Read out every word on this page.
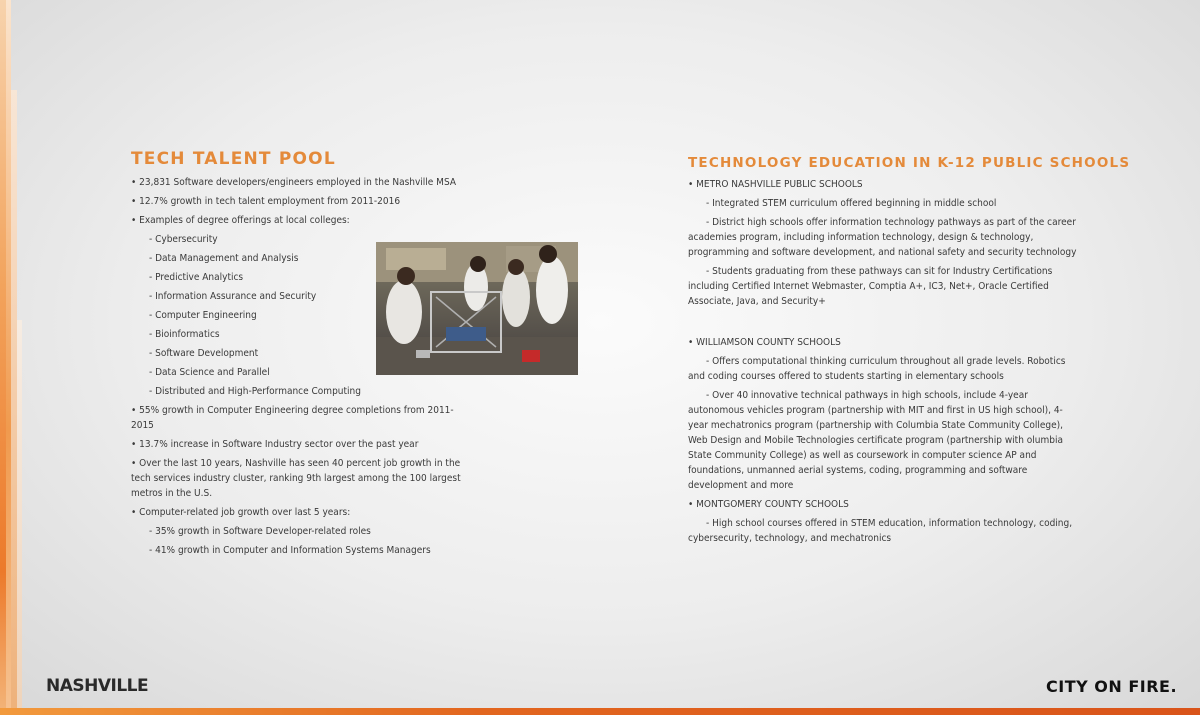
TECH TALENT POOL
• 23,831 Software developers/engineers employed in the Nashville MSA
• 12.7% growth in tech talent employment from 2011-2016
• Examples of degree offerings at local colleges:
- Cybersecurity
- Data Management and Analysis
- Predictive Analytics
- Information Assurance and Security
- Computer Engineering
- Bioinformatics
- Software Development
- Data Science and Parallel
- Distributed and High-Performance Computing
• 55% growth in Computer Engineering degree completions from 2011-2015
• 13.7% increase in Software Industry sector over the past year
• Over the last 10 years, Nashville has seen 40 percent job growth in the tech services industry cluster, ranking 9th largest among the 100 largest metros in the U.S.
• Computer-related job growth over last 5 years:
- 35% growth in Software Developer-related roles
- 41% growth in Computer and Information Systems Managers
TECHNOLOGY EDUCATION IN K-12 PUBLIC SCHOOLS
• METRO NASHVILLE PUBLIC SCHOOLS

- Integrated STEM curriculum offered beginning in middle school

- District high schools offer information technology pathways as part of the career academies program, including information technology, design & technology, programming and software development, and national safety and security technology

- Students graduating from these pathways can sit for Industry Certifications including Certified Internet Webmaster, Comptia A+, IC3, Net+, Oracle Certified Associate, Java, and Security+

• WILLIAMSON COUNTY SCHOOLS

- Offers computational thinking curriculum throughout all grade levels. Robotics and coding courses offered to students starting in elementary schools

- Over 40 innovative technical pathways in high schools, include 4-year autonomous vehicles program (partnership with MIT and first in US high school), 4-year mechatronics program (partnership with Columbia State Community College), Web Design and Mobile Technologies certificate program (partnership with olumbia State Community College) as well as coursework in computer science AP and foundations, unmanned aerial systems, coding, programming and software development and more

• MONTGOMERY COUNTY SCHOOLS

- High school courses offered in STEM education, information technology, coding, cybersecurity, technology, and mechatronics

NASHVILLE	CITY ON FIRE.
